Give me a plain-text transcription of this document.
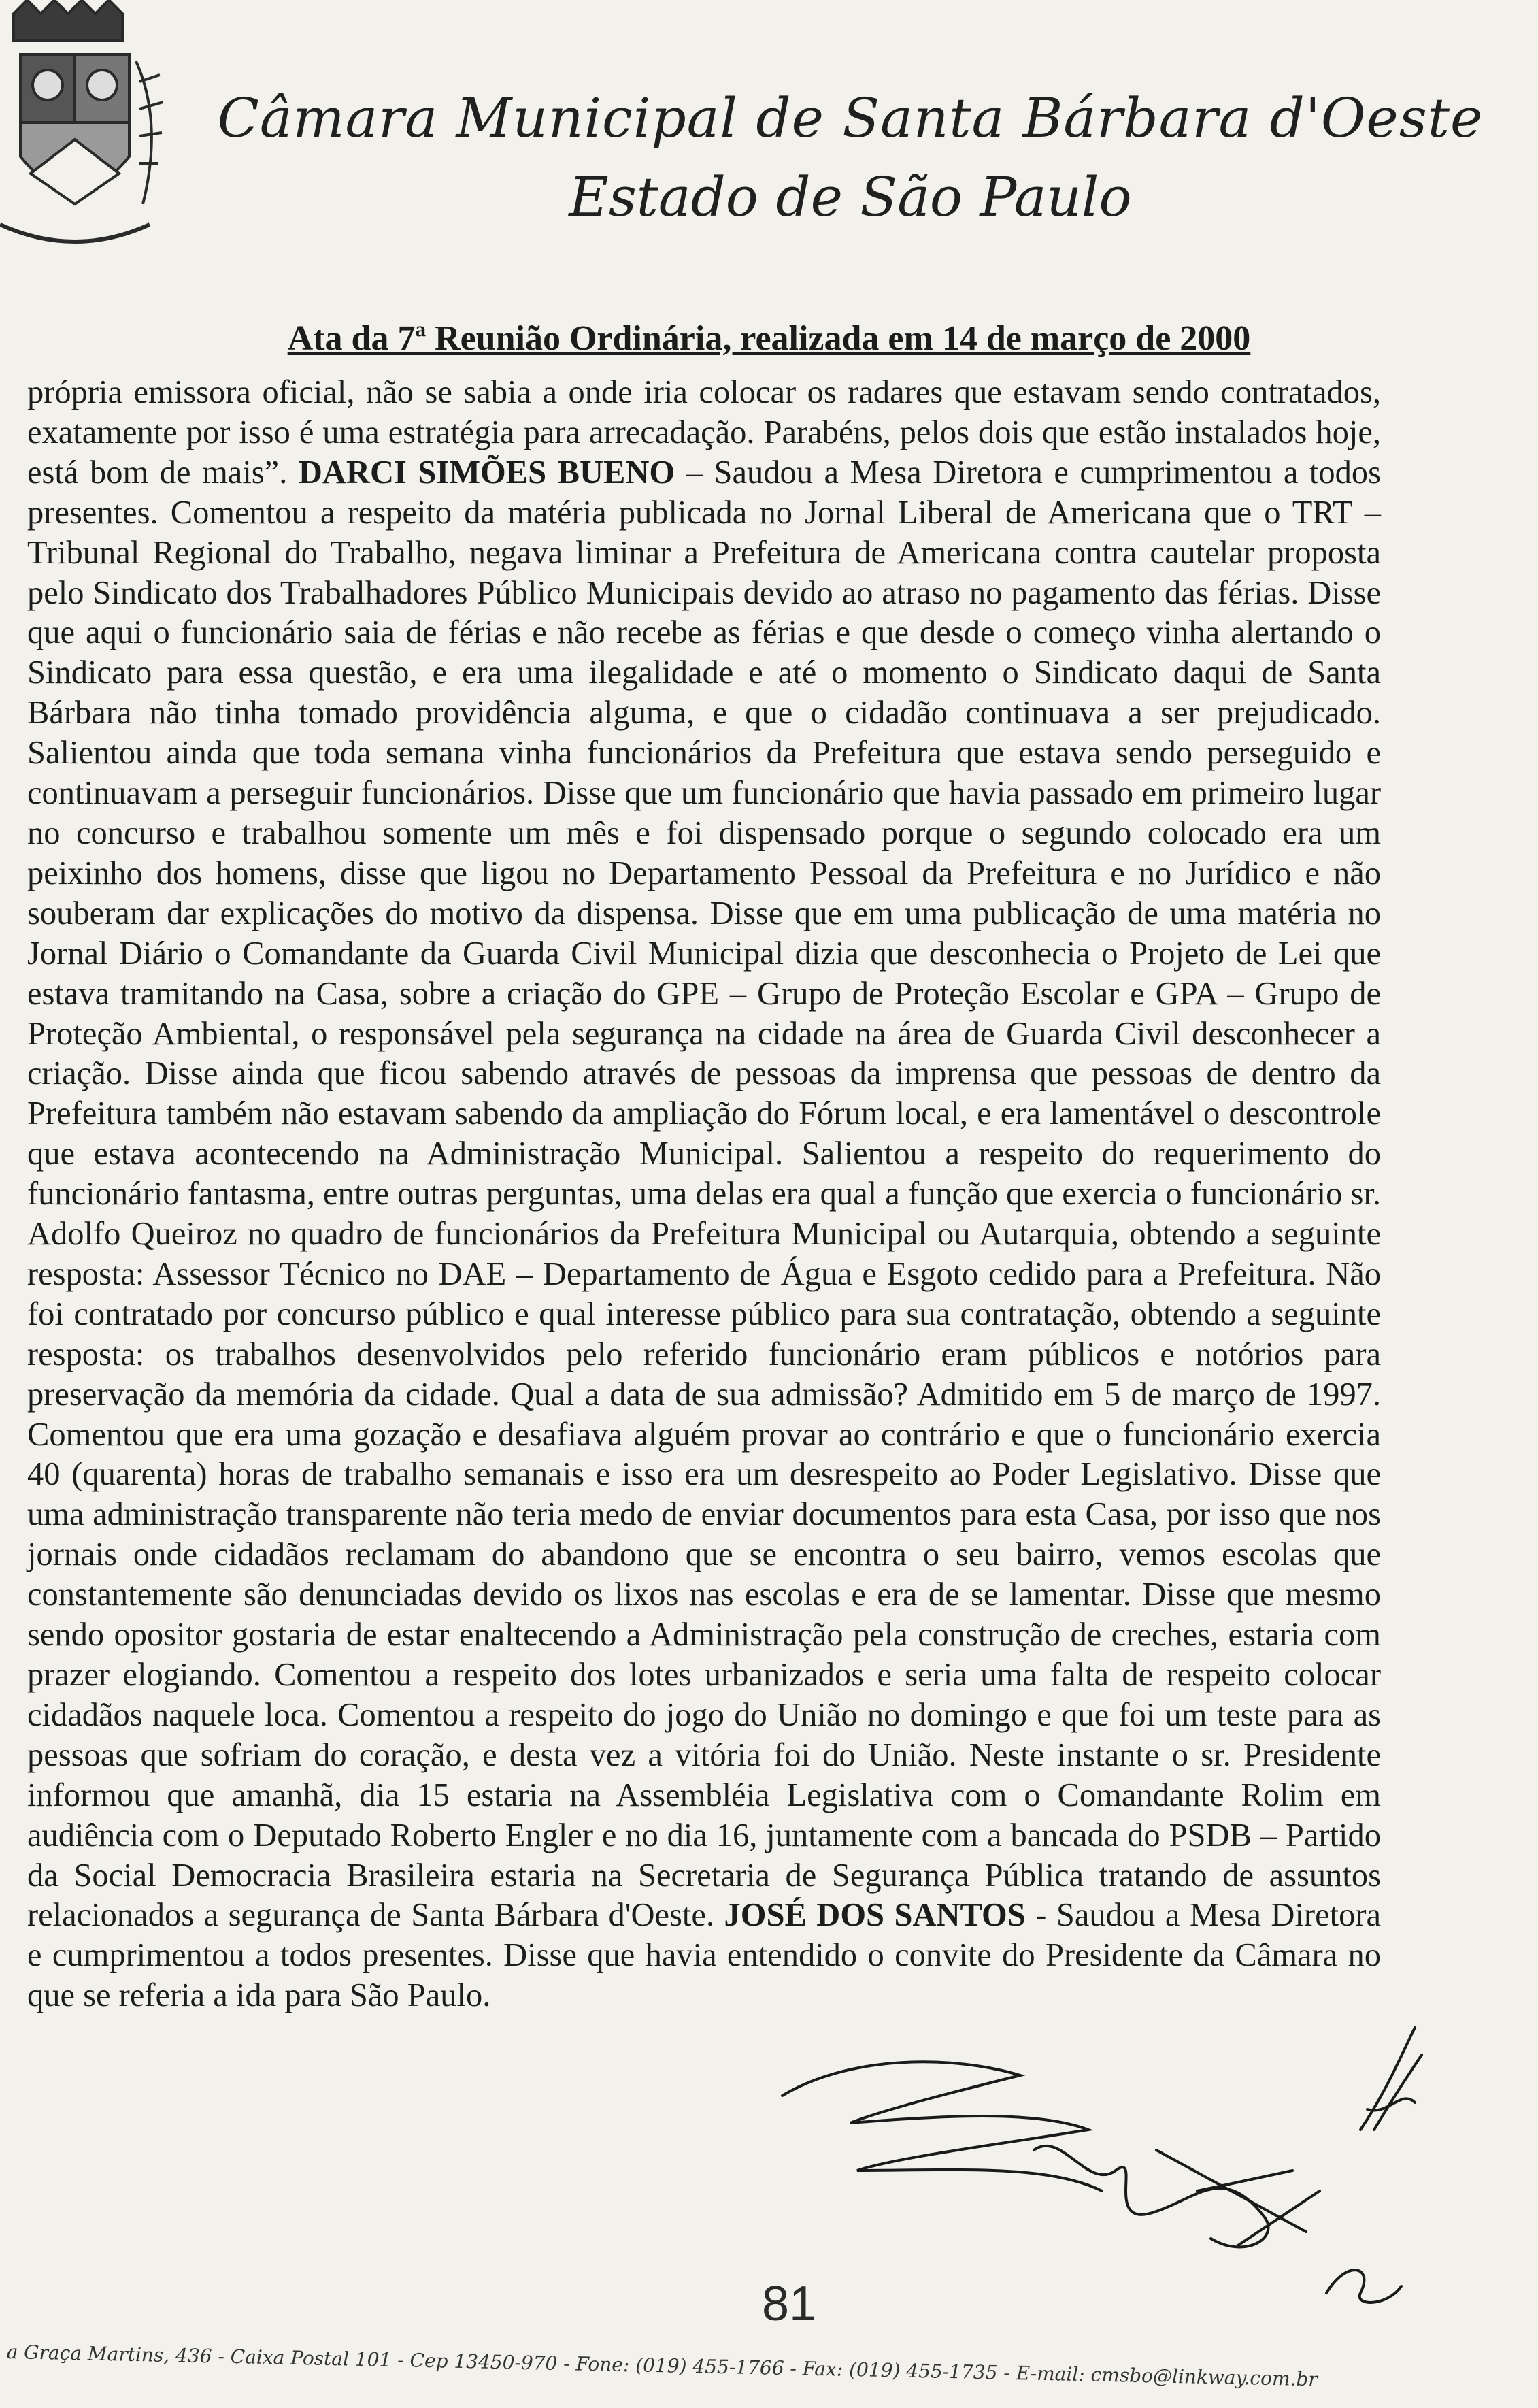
Câmara Municipal de Santa Bárbara d'Oeste
Estado de São Paulo
Ata da 7ª Reunião Ordinária, realizada em 14 de março de 2000
própria emissora oficial, não se sabia a onde iria colocar os radares que estavam sendo contratados, exatamente por isso é uma estratégia para arrecadação. Parabéns, pelos dois que estão instalados hoje, está bom de mais”. DARCI SIMÕES BUENO – Saudou a Mesa Diretora e cumprimentou a todos presentes. Comentou a respeito da matéria publicada no Jornal Liberal de Americana que o TRT – Tribunal Regional do Trabalho, negava liminar a Prefeitura de Americana contra cautelar proposta pelo Sindicato dos Trabalhadores Público Municipais devido ao atraso no pagamento das férias. Disse que aqui o funcionário saia de férias e não recebe as férias e que desde o começo vinha alertando o Sindicato para essa questão, e era uma ilegalidade e até o momento o Sindicato daqui de Santa Bárbara não tinha tomado providência alguma, e que o cidadão continuava a ser prejudicado. Salientou ainda que toda semana vinha funcionários da Prefeitura que estava sendo perseguido e continuavam a perseguir funcionários. Disse que um funcionário que havia passado em primeiro lugar no concurso e trabalhou somente um mês e foi dispensado porque o segundo colocado era um peixinho dos homens, disse que ligou no Departamento Pessoal da Prefeitura e no Jurídico e não souberam dar explicações do motivo da dispensa. Disse que em uma publicação de uma matéria no Jornal Diário o Comandante da Guarda Civil Municipal dizia que desconhecia o Projeto de Lei que estava tramitando na Casa, sobre a criação do GPE – Grupo de Proteção Escolar e GPA – Grupo de Proteção Ambiental, o responsável pela segurança na cidade na área de Guarda Civil desconhecer a criação. Disse ainda que ficou sabendo através de pessoas da imprensa que pessoas de dentro da Prefeitura também não estavam sabendo da ampliação do Fórum local, e era lamentável o descontrole que estava acontecendo na Administração Municipal. Salientou a respeito do requerimento do funcionário fantasma, entre outras perguntas, uma delas era qual a função que exercia o funcionário sr. Adolfo Queiroz no quadro de funcionários da Prefeitura Municipal ou Autarquia, obtendo a seguinte resposta: Assessor Técnico no DAE – Departamento de Água e Esgoto cedido para a Prefeitura. Não foi contratado por concurso público e qual interesse público para sua contratação, obtendo a seguinte resposta: os trabalhos desenvolvidos pelo referido funcionário eram públicos e notórios para preservação da memória da cidade. Qual a data de sua admissão? Admitido em 5 de março de 1997. Comentou que era uma gozação e desafiava alguém provar ao contrário e que o funcionário exercia 40 (quarenta) horas de trabalho semanais e isso era um desrespeito ao Poder Legislativo. Disse que uma administração transparente não teria medo de enviar documentos para esta Casa, por isso que nos jornais onde cidadãos reclamam do abandono que se encontra o seu bairro, vemos escolas que constantemente são denunciadas devido os lixos nas escolas e era de se lamentar. Disse que mesmo sendo opositor gostaria de estar enaltecendo a Administração pela construção de creches, estaria com prazer elogiando. Comentou a respeito dos lotes urbanizados e seria uma falta de respeito colocar cidadãos naquele loca. Comentou a respeito do jogo do União no domingo e que foi um teste para as pessoas que sofriam do coração, e desta vez a vitória foi do União. Neste instante o sr. Presidente informou que amanhã, dia 15 estaria na Assembléia Legislativa com o Comandante Rolim em audiência com o Deputado Roberto Engler e no dia 16, juntamente com a bancada do PSDB – Partido da Social Democracia Brasileira estaria na Secretaria de Segurança Pública tratando de assuntos relacionados a segurança de Santa Bárbara d'Oeste. JOSÉ DOS SANTOS - Saudou a Mesa Diretora e cumprimentou a todos presentes. Disse que havia entendido o convite do Presidente da Câmara no que se referia a ida para São Paulo.
81
a Graça Martins, 436 - Caixa Postal 101 - Cep 13450-970 - Fone: (019) 455-1766 - Fax: (019) 455-1735 - E-mail: cmsbo@linkway.com.br
